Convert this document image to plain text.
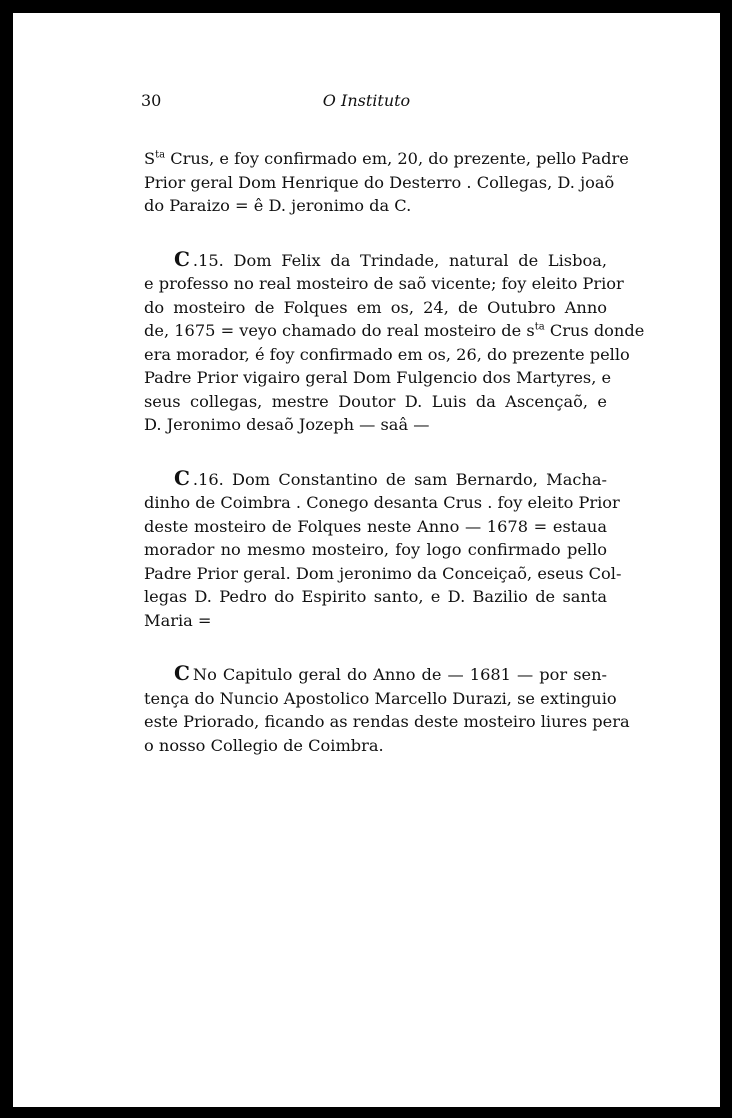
30	O Instituto

$S^{ta}$ Crus, e foy confirmado em, 20, do prezente, pello Padre
Prior geral Dom Henrique do Desterro . Collegas, D. joaõ
do Paraizo = ê D. jeronimo da C.

Ⅽ .15. Dom Felix da Trindade, natural de Lisboa,
e professo no real mosteiro de saõ vicente; foy eleito Prior
do mosteiro de Folques em os, 24, de Outubro Anno
de, 1675 = veyo chamado do real mosteiro de $s^{ta}$ Crus donde
era morador, é foy confirmado em os, 26, do prezente pello
Padre Prior vigairo geral Dom Fulgencio dos Martyres, e
seus collegas, mestre Doutor D. Luis da Ascençaõ, e
D. Jeronimo desaõ Jozeph — saâ —

Ⅽ .16. Dom Constantino de sam Bernardo, Macha-
dinho de Coimbra . Conego desanta Crus . foy eleito Prior
deste mosteiro de Folques neste Anno — 1678 = estaua
morador no mesmo mosteiro, foy logo confirmado pello
Padre Prior geral. Dom jeronimo da Conceiçaõ, eseus Col-
legas D. Pedro do Espirito santo, e D. Bazilio de santa
Maria =

Ⅽ No Capitulo geral do Anno de — 1681 — por sen-
tença do Nuncio Apostolico Marcello Durazi, se extinguio
este Priorado, ficando as rendas deste mosteiro liures pera
o nosso Collegio de Coimbra.
